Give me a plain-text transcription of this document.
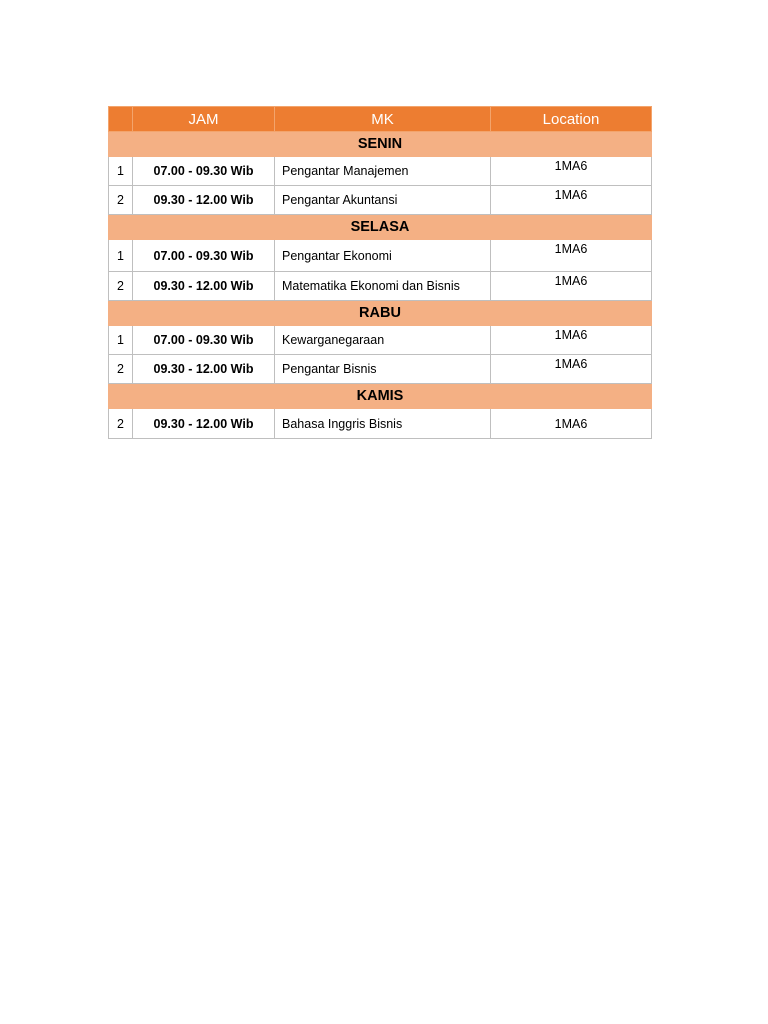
	JAM	MK	Location
SENIN			
1	07.00 - 09.30 Wib	Pengantar Manajemen	1MA6
2	09.30 - 12.00 Wib	Pengantar Akuntansi	1MA6
SELASA			
1	07.00 - 09.30 Wib	Pengantar Ekonomi	1MA6
2	09.30 - 12.00 Wib	Matematika Ekonomi dan Bisnis	1MA6
RABU			
1	07.00 - 09.30 Wib	Kewarganegaraan	1MA6
2	09.30 - 12.00 Wib	Pengantar Bisnis	1MA6
KAMIS			
2	09.30 - 12.00 Wib	Bahasa Inggris Bisnis	1MA6
